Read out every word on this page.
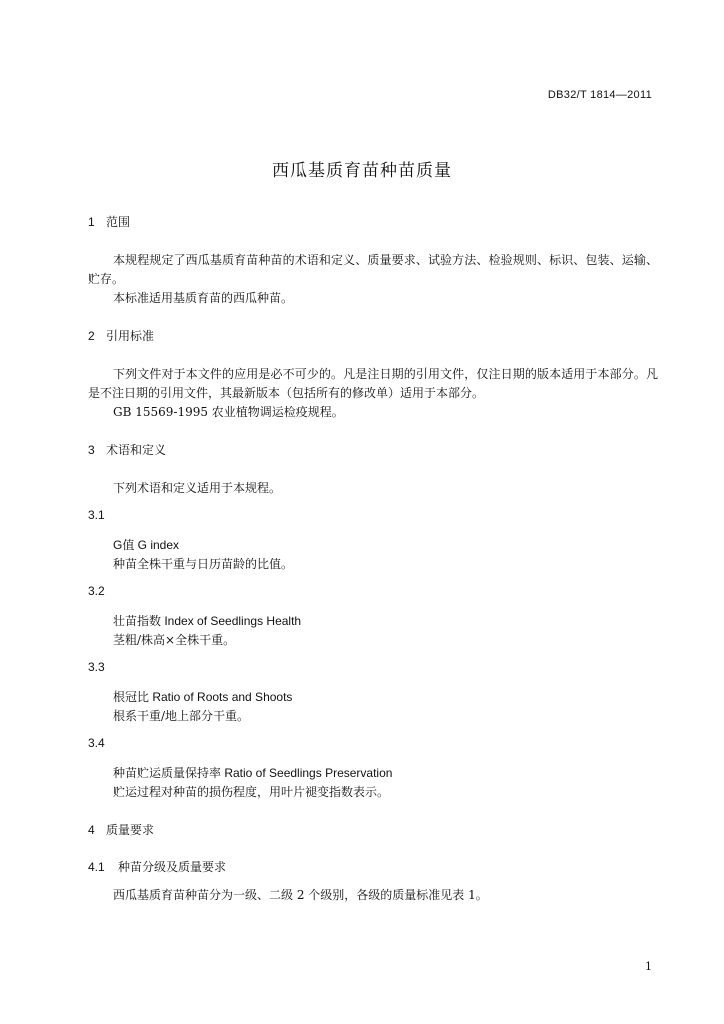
DB32/T 1814—2011
西瓜基质育苗种苗质量
1 范围
本规程规定了西瓜基质育苗种苗的术语和定义、质量要求、试验方法、检验规则、标识、包装、运输、贮存。
本标准适用基质育苗的西瓜种苗。
2 引用标准
下列文件对于本文件的应用是必不可少的。凡是注日期的引用文件，仅注日期的版本适用于本部分。凡是不注日期的引用文件，其最新版本（包括所有的修改单）适用于本部分。
GB 15569-1995 农业植物调运检疫规程。
3 术语和定义
下列术语和定义适用于本规程。
3.1
G值 G index
种苗全株干重与日历苗龄的比值。
3.2
壮苗指数 Index of Seedlings Health
茎粗/株高×全株干重。
3.3
根冠比 Ratio of Roots and Shoots
根系干重/地上部分干重。
3.4
种苗贮运质量保持率 Ratio of Seedlings Preservation
贮运过程对种苗的损伤程度，用叶片褪变指数表示。
4 质量要求
4.1 种苗分级及质量要求
西瓜基质育苗种苗分为一级、二级 2 个级别，各级的质量标准见表 1。
1
